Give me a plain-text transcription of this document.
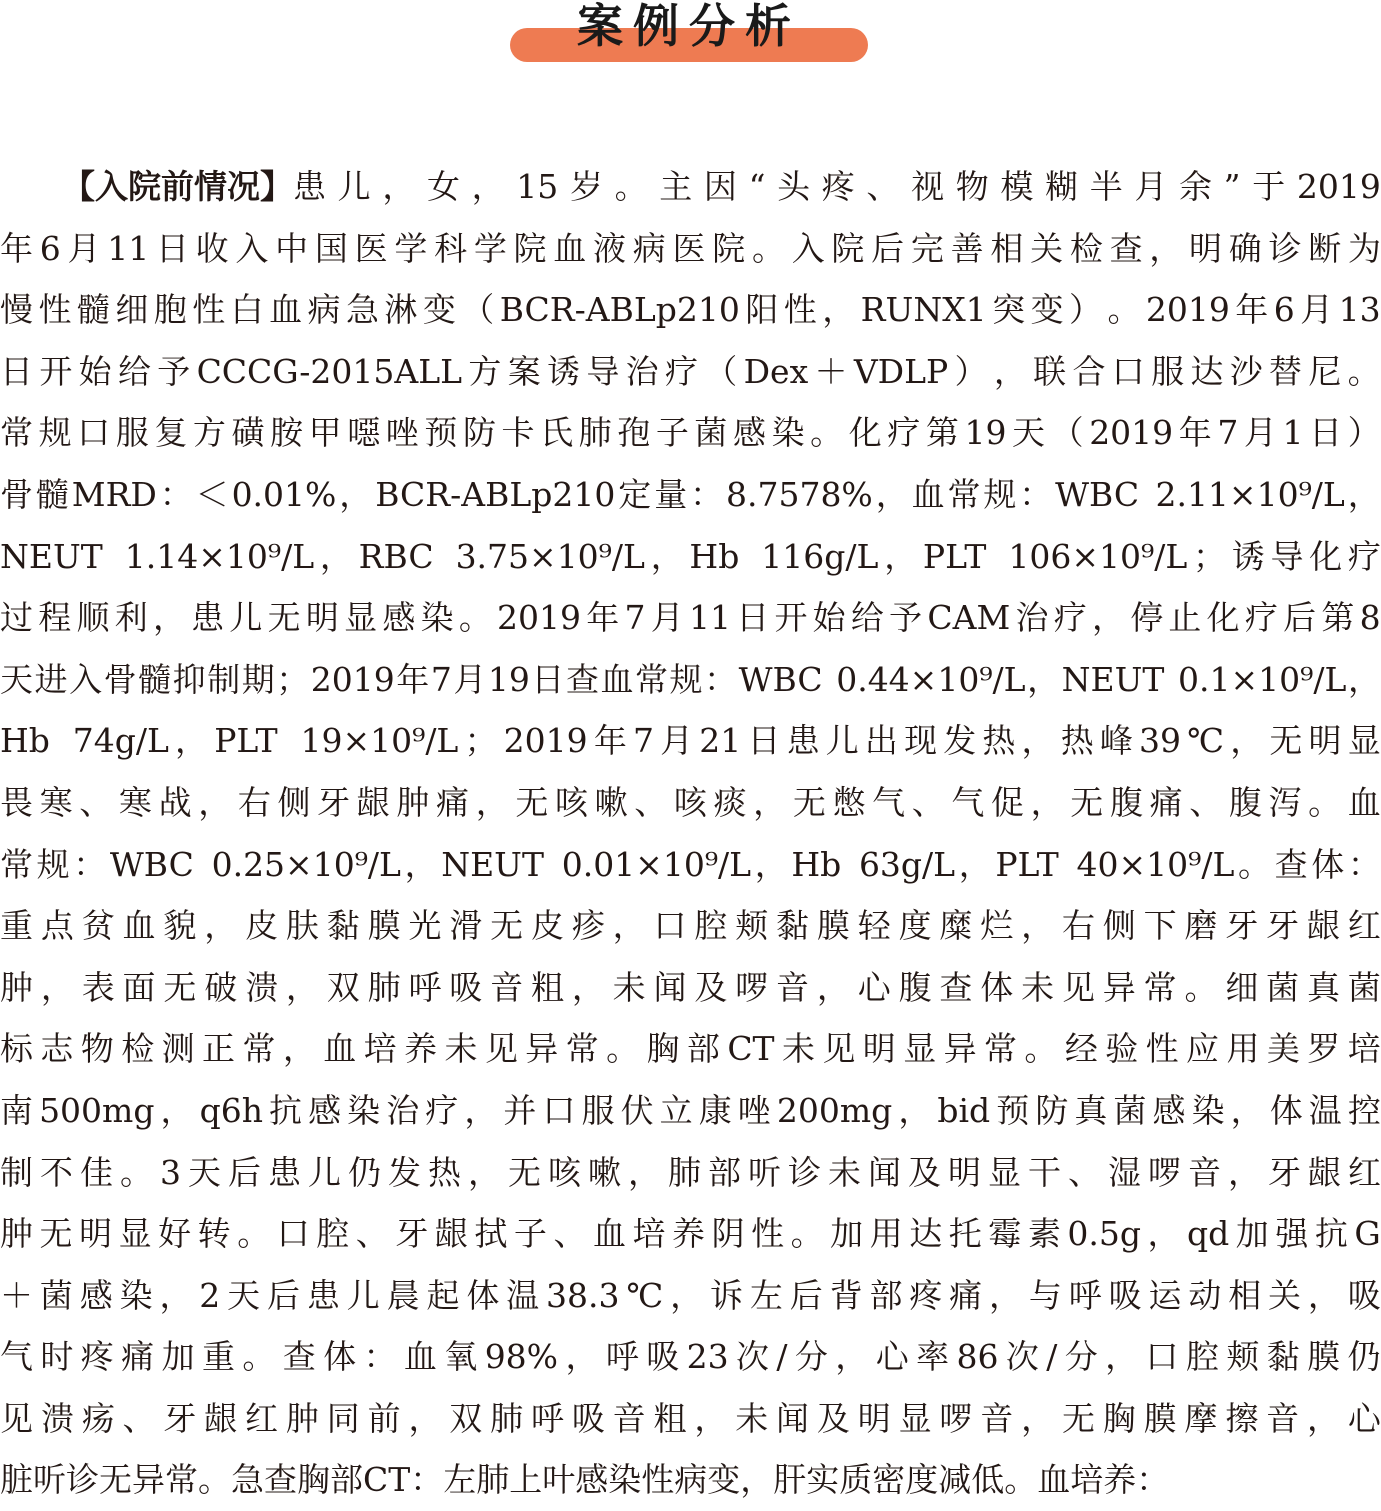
案例分析
【入院前情况】 患 儿 ， 女 ， 15 岁 。 主 因 “ 头 疼 、 视 物 模 糊 半 月 余 ” 于 2019
年 6 月 11 日 收 入 中 国 医 学 科 学 院 血 液 病 医 院 。 入 院 后 完 善 相 关 检 查 ， 明 确 诊 断 为
慢 性 髓 细 胞 性 白 血 病 急 淋 变 （ BCR-ABLp210 阳 性 ， RUNX1 突 变 ） 。 2019 年 6 月 13
日 开 始 给 予 CCCG-2015ALL 方 案 诱 导 治 疗 （ Dex ＋ VDLP ） ， 联 合 口 服 达 沙 替 尼 。
常 规 口 服 复 方 磺 胺 甲 噁 唑 预 防 卡 氏 肺 孢 子 菌 感 染 。 化 疗 第 19 天 （ 2019 年 7 月 1 日 ）
骨 髓 MRD ： ＜ 0.01% ， BCR-ABLp210 定 量 ： 8.7578% ， 血 常 规 ： WBC
2.11×10⁹/L ，
NEUT
1.14×10⁹/L ， RBC
3.75×10⁹/L ， Hb
116g/L ， PLT
106×10⁹/L ； 诱 导 化 疗
过 程 顺 利 ， 患 儿 无 明 显 感 染 。 2019 年 7 月 11 日 开 始 给 予 CAM 治 疗 ， 停 止 化 疗 后 第 8
天 进 入 骨 髓 抑 制 期 ； 2019 年 7 月 19 日 查 血 常 规 ： WBC
0.44×10⁹/L ， NEUT
0.1×10⁹/L ，
Hb
74g/L ， PLT
19×10⁹/L ； 2019 年 7 月 21 日 患 儿 出 现 发 热 ， 热 峰 39 ℃ ， 无 明 显
畏 寒 、 寒 战 ， 右 侧 牙 龈 肿 痛 ， 无 咳 嗽 、 咳 痰 ， 无 憋 气 、 气 促 ， 无 腹 痛 、 腹 泻 。 血
常 规 ： WBC
0.25×10⁹/L ， NEUT
0.01×10⁹/L ， Hb
63g/L ， PLT
40×10⁹/L 。 查 体 ：
重 点 贫 血 貌 ， 皮 肤 黏 膜 光 滑 无 皮 疹 ， 口 腔 颊 黏 膜 轻 度 糜 烂 ， 右 侧 下 磨 牙 牙 龈 红
肿 ， 表 面 无 破 溃 ， 双 肺 呼 吸 音 粗 ， 未 闻 及 啰 音 ， 心 腹 查 体 未 见 异 常 。 细 菌 真 菌
标 志 物 检 测 正 常 ， 血 培 养 未 见 异 常 。 胸 部 CT 未 见 明 显 异 常 。 经 验 性 应 用 美 罗 培
南 500mg ， q6h 抗 感 染 治 疗 ， 并 口 服 伏 立 康 唑 200mg ， bid 预 防 真 菌 感 染 ， 体 温 控
制 不 佳 。 3 天 后 患 儿 仍 发 热 ， 无 咳 嗽 ， 肺 部 听 诊 未 闻 及 明 显 干 、 湿 啰 音 ， 牙 龈 红
肿 无 明 显 好 转 。 口 腔 、 牙 龈 拭 子 、 血 培 养 阴 性 。 加 用 达 托 霉 素 0.5g ， qd 加 强 抗 G
＋ 菌 感 染 ， 2 天 后 患 儿 晨 起 体 温 38.3 ℃ ， 诉 左 后 背 部 疼 痛 ， 与 呼 吸 运 动 相 关 ， 吸
气 时 疼 痛 加 重 。 查 体 ： 血 氧 98% ， 呼 吸 23 次 / 分 ， 心 率 86 次 / 分 ， 口 腔 颊 黏 膜 仍
见 溃 疡 、 牙 龈 红 肿 同 前 ， 双 肺 呼 吸 音 粗 ， 未 闻 及 明 显 啰 音 ， 无 胸 膜 摩 擦 音 ， 心
脏 听 诊 无 异 常 。 急 查 胸 部 CT ： 左 肺 上 叶 感 染 性 病 变 ， 肝 实 质 密 度 减 低 。 血 培 养 ：
